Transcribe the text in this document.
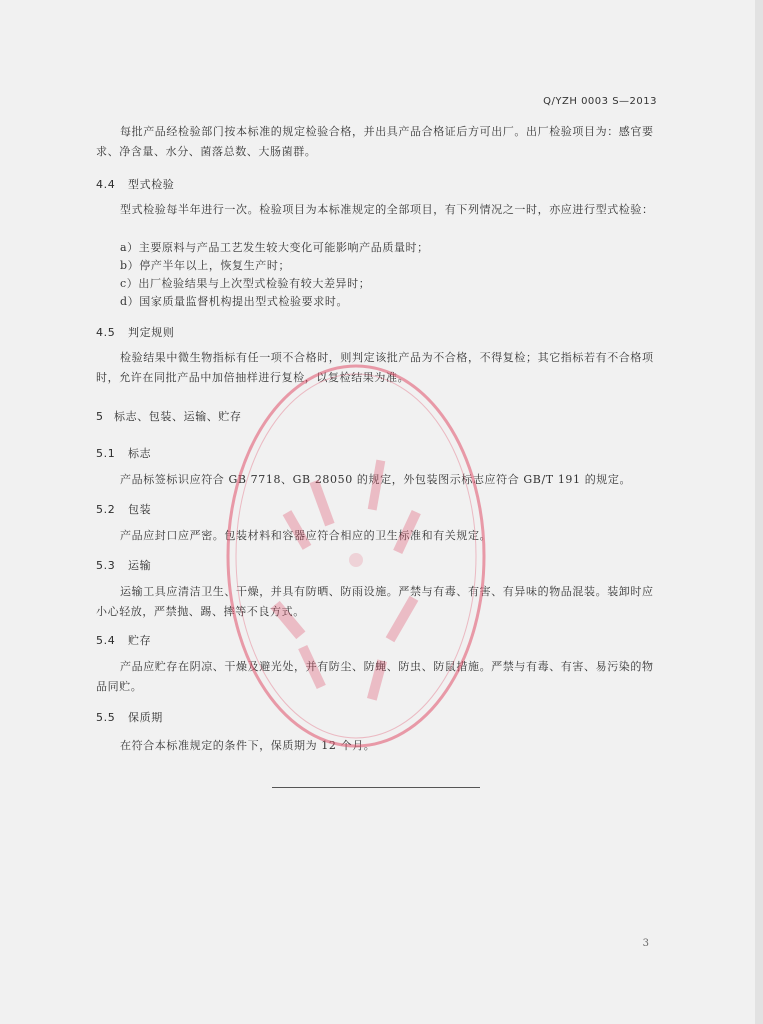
Q/YZH 0003 S—2013
每批产品经检验部门按本标准的规定检验合格，并出具产品合格证后方可出厂。出厂检验项目为：感官要求、净含量、水分、菌落总数、大肠菌群。
4.4 型式检验
型式检验每半年进行一次。检验项目为本标准规定的全部项目，有下列情况之一时，亦应进行型式检验：
a）主要原料与产品工艺发生较大变化可能影响产品质量时；
b）停产半年以上，恢复生产时；
c）出厂检验结果与上次型式检验有较大差异时；
d）国家质量监督机构提出型式检验要求时。
4.5 判定规则
检验结果中微生物指标有任一项不合格时，则判定该批产品为不合格，不得复检；其它指标若有不合格项时，允许在同批产品中加倍抽样进行复检，以复检结果为准。
5 标志、包装、运输、贮存
5.1 标志
产品标签标识应符合 GB 7718、GB 28050 的规定，外包装图示标志应符合 GB/T 191 的规定。
5.2 包装
产品应封口应严密。包装材料和容器应符合相应的卫生标准和有关规定。
5.3 运输
运输工具应清洁卫生、干燥，并具有防晒、防雨设施。严禁与有毒、有害、有异味的物品混装。装卸时应小心轻放，严禁抛、踢、摔等不良方式。
5.4 贮存
产品应贮存在阴凉、干燥及避光处，并有防尘、防蝇、防虫、防鼠措施。严禁与有毒、有害、易污染的物品同贮。
5.5 保质期
在符合本标准规定的条件下，保质期为 12 个月。
3
